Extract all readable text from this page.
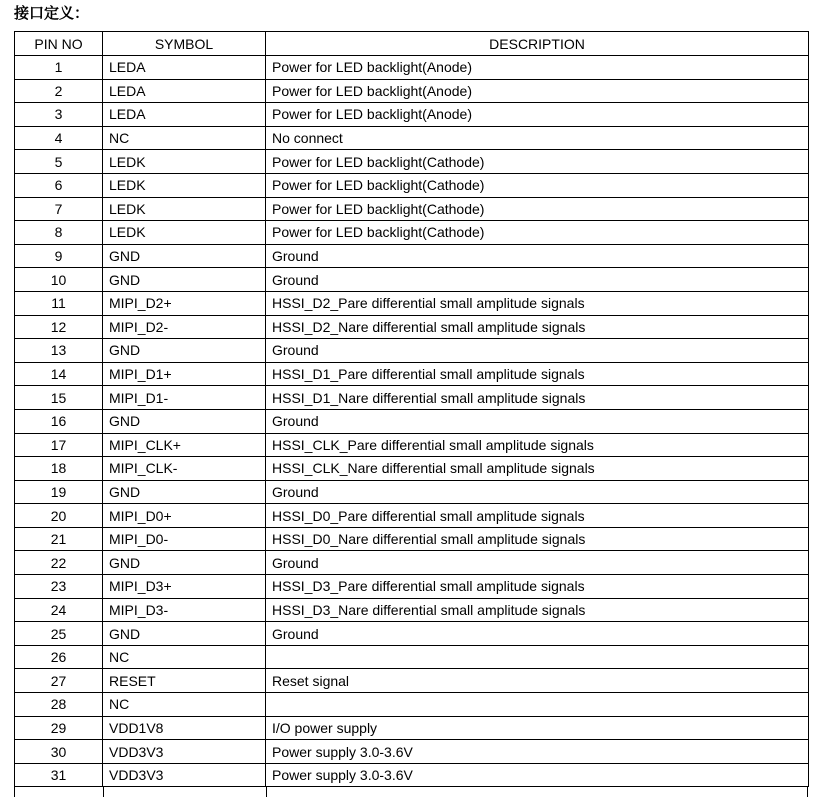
接口定义：
PIN NO	SYMBOL	DESCRIPTION
1	LEDA	Power for LED backlight(Anode)
2	LEDA	Power for LED backlight(Anode)
3	LEDA	Power for LED backlight(Anode)
4	NC	No connect
5	LEDK	Power for LED backlight(Cathode)
6	LEDK	Power for LED backlight(Cathode)
7	LEDK	Power for LED backlight(Cathode)
8	LEDK	Power for LED backlight(Cathode)
9	GND	Ground
10	GND	Ground
11	MIPI_D2+	HSSI_D2_Pare differential small amplitude signals
12	MIPI_D2-	HSSI_D2_Nare differential small amplitude signals
13	GND	Ground
14	MIPI_D1+	HSSI_D1_Pare differential small amplitude signals
15	MIPI_D1-	HSSI_D1_Nare differential small amplitude signals
16	GND	Ground
17	MIPI_CLK+	HSSI_CLK_Pare differential small amplitude signals
18	MIPI_CLK-	HSSI_CLK_Nare differential small amplitude signals
19	GND	Ground
20	MIPI_D0+	HSSI_D0_Pare differential small amplitude signals
21	MIPI_D0-	HSSI_D0_Nare differential small amplitude signals
22	GND	Ground
23	MIPI_D3+	HSSI_D3_Pare differential small amplitude signals
24	MIPI_D3-	HSSI_D3_Nare differential small amplitude signals
25	GND	Ground
26	NC	
27	RESET	Reset signal
28	NC	
29	VDD1V8	I/O power supply
30	VDD3V3	Power supply 3.0-3.6V
31	VDD3V3	Power supply 3.0-3.6V
